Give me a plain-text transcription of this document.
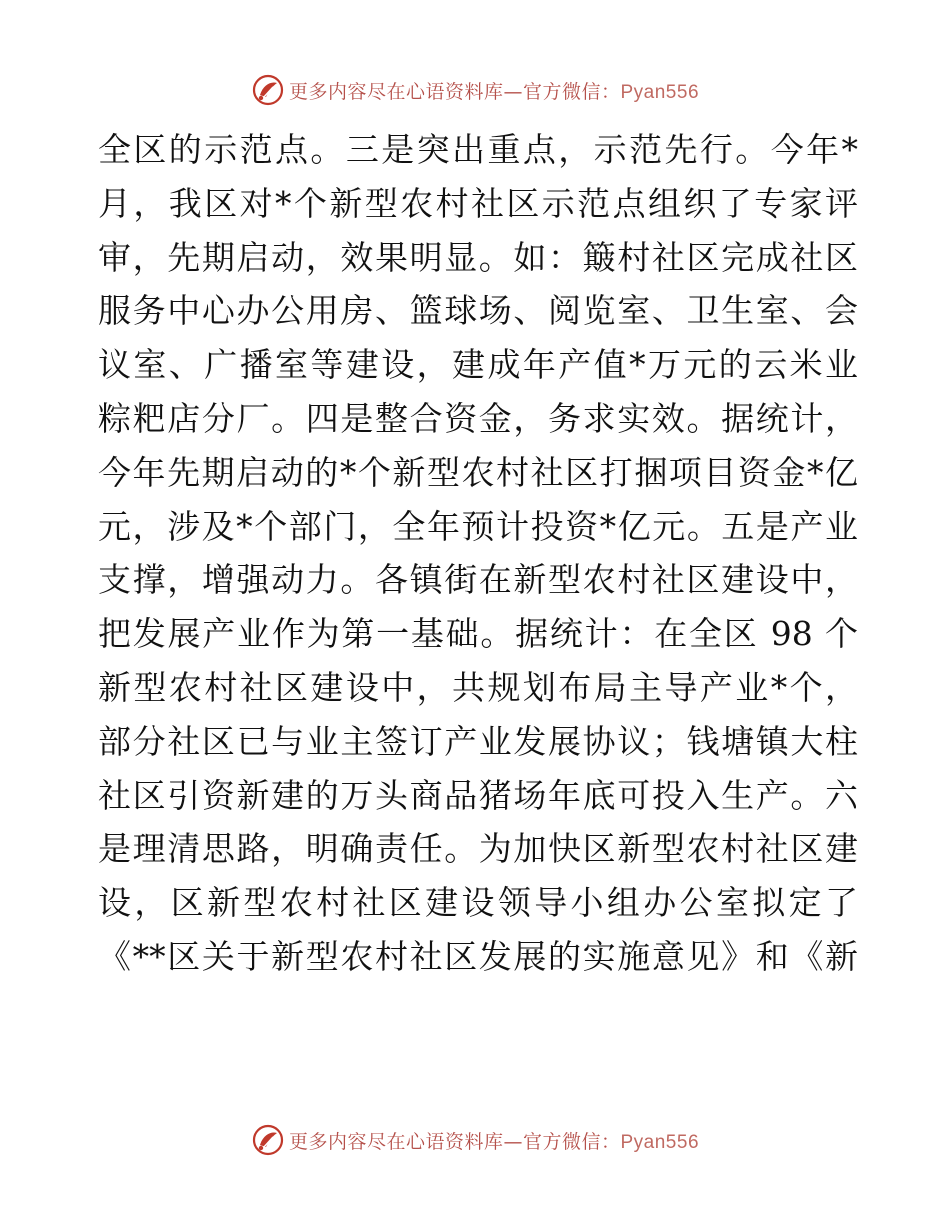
更多内容尽在心语资料库—官方微信：Pyan556
全区的示范点。三是突出重点，示范先行。今年*
月，我区对*个新型农村社区示范点组织了专家评
审，先期启动，效果明显。如：簸村社区完成社区
服务中心办公用房、篮球场、阅览室、卫生室、会
议室、广播室等建设，建成年产值*万元的云米业
粽粑店分厂。四是整合资金，务求实效。据统计，
今年先期启动的*个新型农村社区打捆项目资金*亿
元，涉及*个部门，全年预计投资*亿元。五是产业
支撑，增强动力。各镇街在新型农村社区建设中，
把发展产业作为第一基础。据统计：在全区 98 个
新型农村社区建设中，共规划布局主导产业*个，
部分社区已与业主签订产业发展协议；钱塘镇大柱
社区引资新建的万头商品猪场年底可投入生产。六
是理清思路，明确责任。为加快区新型农村社区建
设，区新型农村社区建设领导小组办公室拟定了
《**区关于新型农村社区发展的实施意见》和《新
更多内容尽在心语资料库—官方微信：Pyan556
